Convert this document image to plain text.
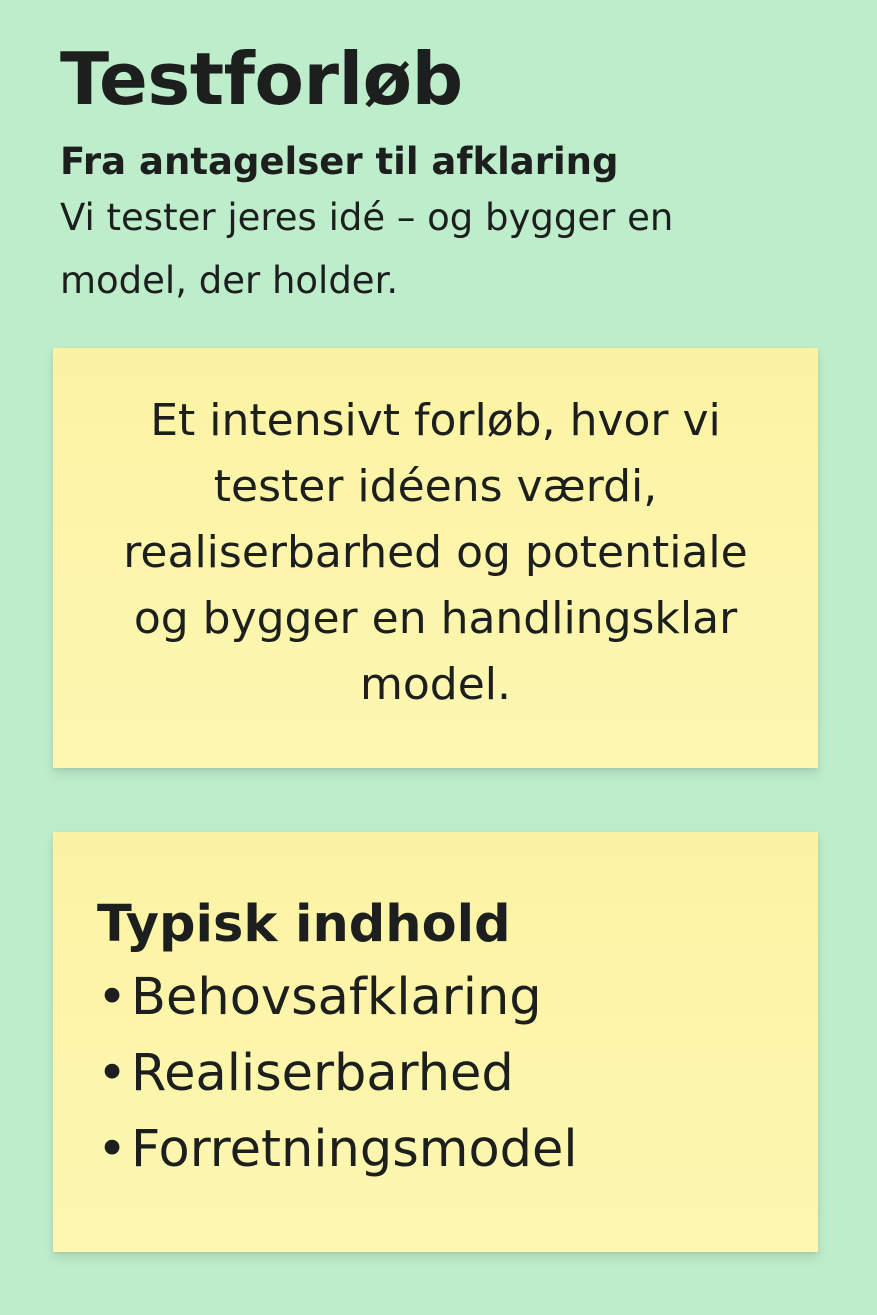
Testforløb

Fra antagelser til afklaring

Vi tester jeres idé – og bygger en model, der holder.

Et intensivt forløb, hvor vi tester idéens værdi, realiserbarhed og potentiale og bygger en handlingsklar model.

Typisk indhold
•Behovsafklaring
•Realiserbarhed
•Forretningsmodel
